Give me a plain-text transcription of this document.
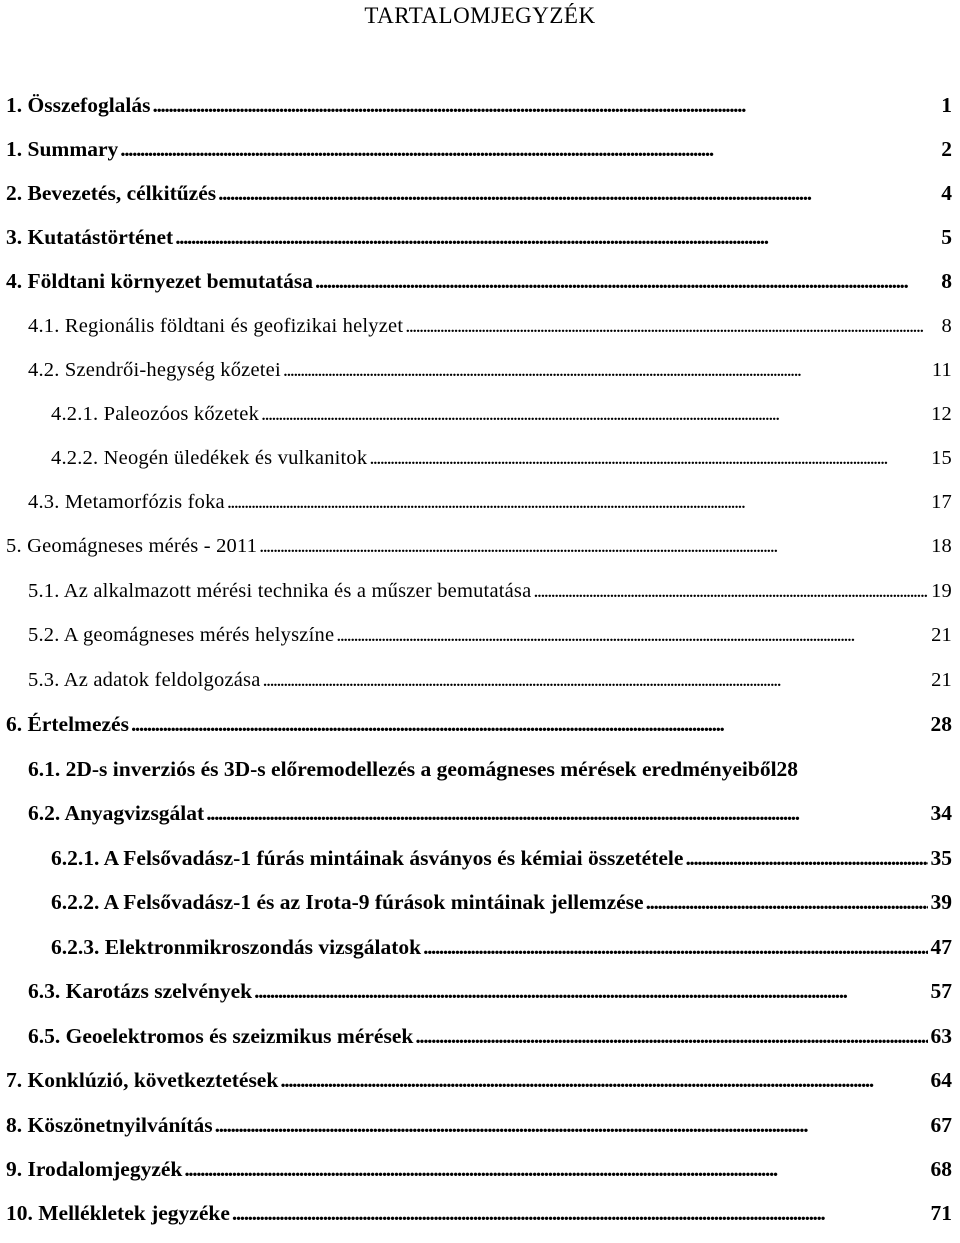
TARTALOMJEGYZÉK
1. Összefoglalás . . .	1
1. Summary . . .	2
2. Bevezetés, célkitűzés . . .	4
3. Kutatástörténet . . .	5
4. Földtani környezet bemutatása . . .	8
4.1. Regionális földtani és geofizikai helyzet . . .	8
4.2. Szendrői-hegység kőzetei . . .	11
4.2.1. Paleozóos kőzetek . . .	12
4.2.2. Neogén üledékek és vulkanitok . . .	15
4.3. Metamorfózis foka . . .	17
5. Geomágneses mérés - 2011 . . .	18
5.1. Az alkalmazott mérési technika és a műszer bemutatása . . .	19
5.2. A geomágneses mérés helyszíne . . .	21
5.3. Az adatok feldolgozása . . .	21
6. Értelmezés . . .	28
6.1. 2D-s inverziós és 3D-s előremodellezés a geomágneses mérések eredményeiből 28
6.2. Anyagvizsgálat . . .	34
6.2.1. A Felsővadász-1 fúrás mintáinak ásványos és kémiai összetétele . . .	35
6.2.2. A Felsővadász-1 és az Irota-9 fúrások mintáinak jellemzése . . .	39
6.2.3. Elektronmikroszondás vizsgálatok . . .	47
6.3. Karotázs szelvények . . .	57
6.5. Geoelektromos és szeizmikus mérések . . .	63
7. Konklúzió, következtetések . . .	64
8. Köszönetnyilvánítás . . .	67
9. Irodalomjegyzék . . .	68
10. Mellékletek jegyzéke . . .	71
